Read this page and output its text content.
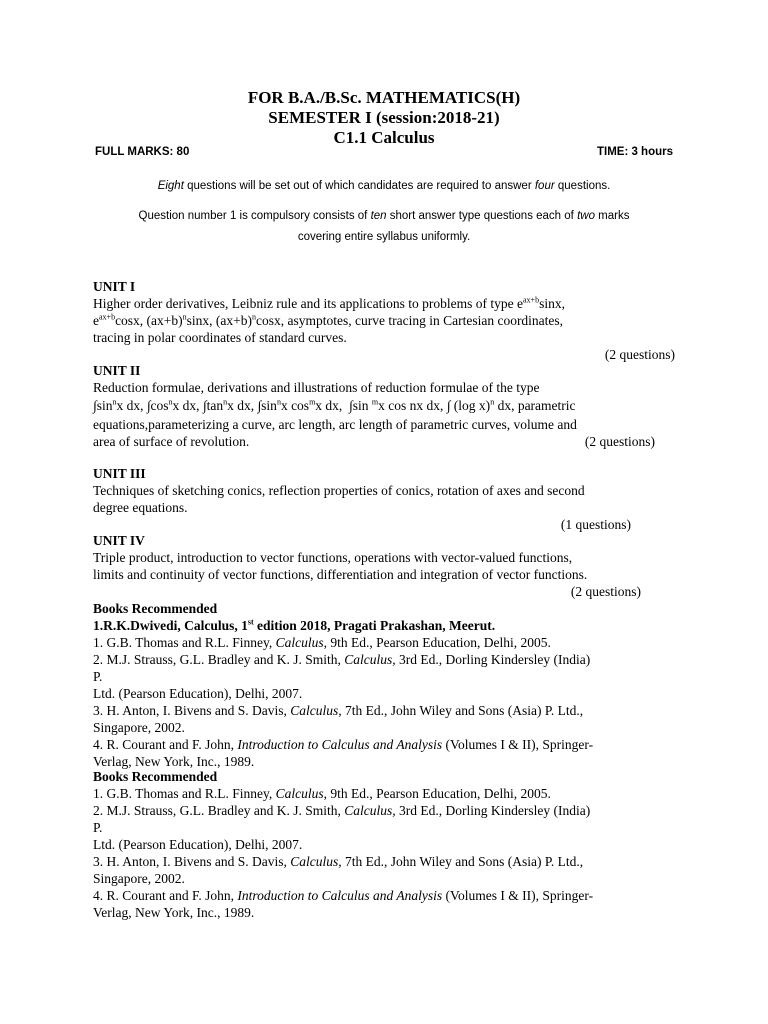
FOR B.A./B.Sc. MATHEMATICS(H)
SEMESTER I (session:2018-21)
C1.1 Calculus
FULL MARKS: 80	TIME: 3 hours
Eight questions will be set out of which candidates are required to answer four questions.
Question number 1 is compulsory consists of ten short answer type questions each of two marks
covering entire syllabus uniformly.
UNIT I
Higher order derivatives, Leibniz rule and its applications to problems of type $e^{ax+b}\sin x$,
$e^{ax+b}\cos x$, $(ax+b)^n\sin x$, $(ax+b)^n\cos x$, asymptotes, curve tracing in Cartesian coordinates,
tracing in polar coordinates of standard curves.
(2 questions)
UNIT II
Reduction formulae, derivations and illustrations of reduction formulae of the type
$\int\sin^nx$ dx, $\int\cos^nx$ dx, $\int\tan^nx$ dx, $\int\sin^nx$ $\cos^mx$ dx,  ∫sin $^m$x cos nx dx, ∫ (log x)$^n$ dx, parametric
equations,parameterizing a curve, arc length, arc length of parametric curves, volume and
area of surface of revolution.	(2 questions)
UNIT III
Techniques of sketching conics, reflection properties of conics, rotation of axes and second
degree equations.
(1 questions)
UNIT IV
Triple product, introduction to vector functions, operations with vector-valued functions,
limits and continuity of vector functions, differentiation and integration of vector functions.
(2 questions)
Books Recommended
1.R.K.Dwivedi, Calculus, 1st edition 2018, Pragati Prakashan, Meerut.
1. G.B. Thomas and R.L. Finney, Calculus, 9th Ed., Pearson Education, Delhi, 2005.
2. M.J. Strauss, G.L. Bradley and K. J. Smith, Calculus, 3rd Ed., Dorling Kindersley (India)
P.
Ltd. (Pearson Education), Delhi, 2007.
3. H. Anton, I. Bivens and S. Davis, Calculus, 7th Ed., John Wiley and Sons (Asia) P. Ltd.,
Singapore, 2002.
4. R. Courant and F. John, Introduction to Calculus and Analysis (Volumes I & II), Springer-
Verlag, New York, Inc., 1989.
Books Recommended
1. G.B. Thomas and R.L. Finney, Calculus, 9th Ed., Pearson Education, Delhi, 2005.
2. M.J. Strauss, G.L. Bradley and K. J. Smith, Calculus, 3rd Ed., Dorling Kindersley (India)
P.
Ltd. (Pearson Education), Delhi, 2007.
3. H. Anton, I. Bivens and S. Davis, Calculus, 7th Ed., John Wiley and Sons (Asia) P. Ltd.,
Singapore, 2002.
4. R. Courant and F. John, Introduction to Calculus and Analysis (Volumes I & II), Springer-
Verlag, New York, Inc., 1989.
